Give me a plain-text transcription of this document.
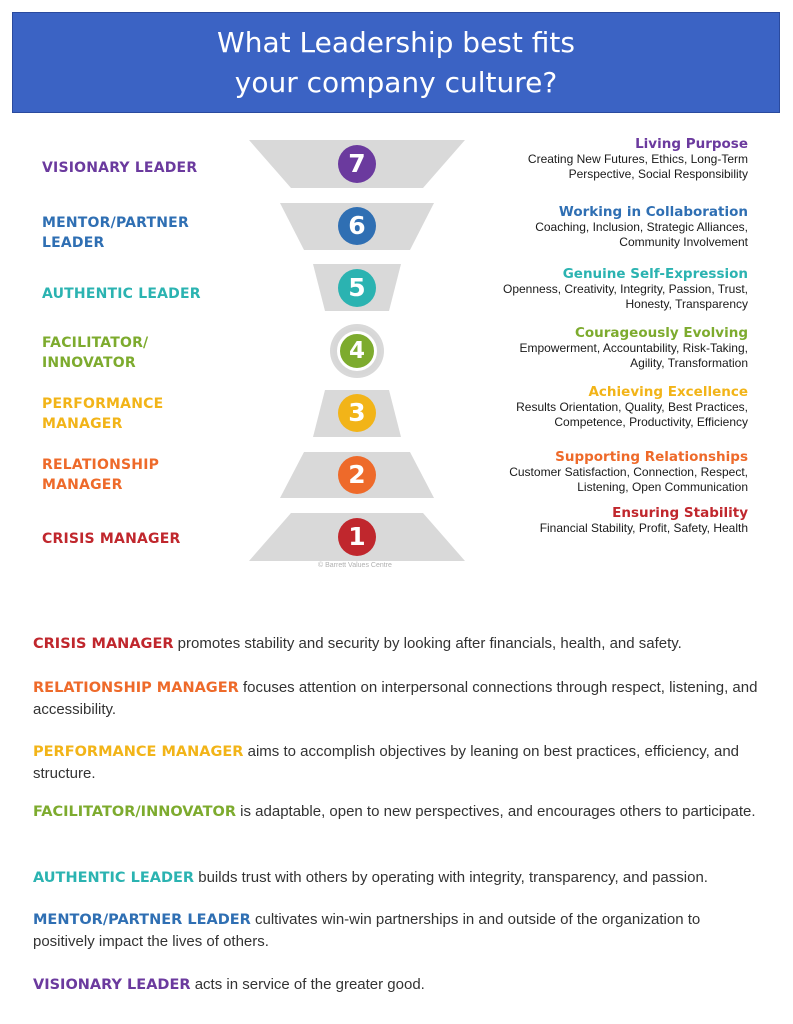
What Leadership best fits
your company culture?
7
6
5
4
3
2
1
VISIONARY LEADER
MENTOR/PARTNER
LEADER
AUTHENTIC LEADER
FACILITATOR/
INNOVATOR
PERFORMANCE
MANAGER
RELATIONSHIP
MANAGER
CRISIS MANAGER
Living Purpose
Creating New Futures, Ethics, Long-Term
Perspective, Social Responsibility
Working in Collaboration
Coaching, Inclusion, Strategic Alliances,
Community Involvement
Genuine Self-Expression
Openness, Creativity, Integrity, Passion, Trust,
Honesty, Transparency
Courageously Evolving
Empowerment, Accountability, Risk-Taking,
Agility, Transformation
Achieving Excellence
Results Orientation, Quality, Best Practices,
Competence, Productivity, Efficiency
Supporting Relationships
Customer Satisfaction, Connection, Respect,
Listening, Open Communication
Ensuring Stability
Financial Stability, Profit, Safety, Health
© Barrett Values Centre
CRISIS MANAGER promotes stability and security by looking after financials, health, and safety.
RELATIONSHIP MANAGER focuses attention on interpersonal connections through respect, listening, and accessibility.
PERFORMANCE MANAGER aims to accomplish objectives by leaning on best practices, efficiency, and structure.
FACILITATOR/INNOVATOR is adaptable, open to new perspectives, and encourages others to participate.
AUTHENTIC LEADER builds trust with others by operating with integrity, transparency, and passion.
MENTOR/PARTNER LEADER cultivates win-win partnerships in and outside of the organization to positively impact the lives of others.
VISIONARY LEADER acts in service of the greater good.
